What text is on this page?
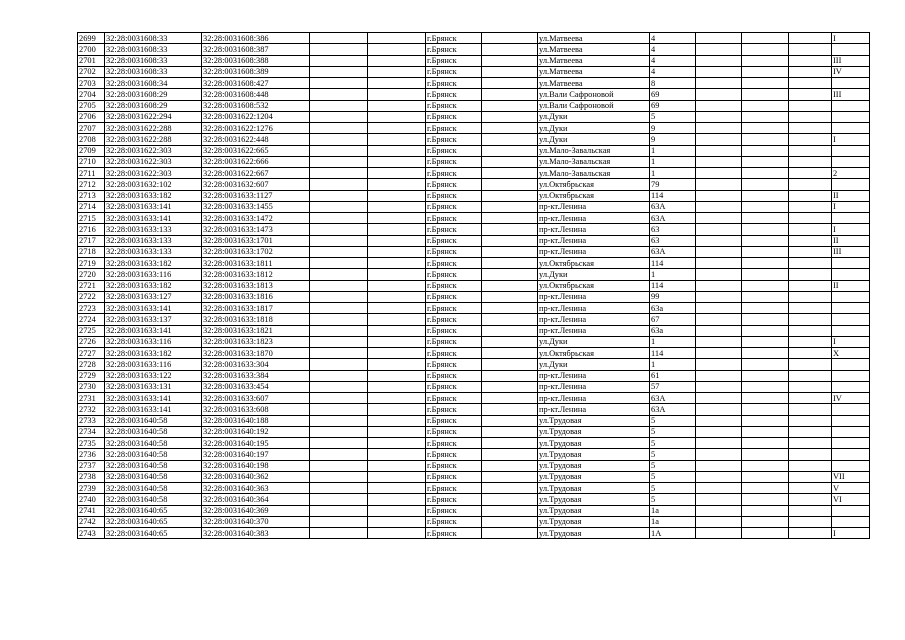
2699	32:28:0031608:33	32:28:0031608:386			г.Брянск		ул.Матвеева	4				I
2700	32:28:0031608:33	32:28:0031608:387			г.Брянск		ул.Матвеева	4				
2701	32:28:0031608:33	32:28:0031608:388			г.Брянск		ул.Матвеева	4				III
2702	32:28:0031608:33	32:28:0031608:389			г.Брянск		ул.Матвеева	4				IV
2703	32:28:0031608:34	32:28:0031608:427			г.Брянск		ул.Матвеева	8				
2704	32:28:0031608:29	32:28:0031608:448			г.Брянск		ул.Вали Сафроновой	69				III
2705	32:28:0031608:29	32:28:0031608:532			г.Брянск		ул.Вали Сафроновой	69				
2706	32:28:0031622:294	32:28:0031622:1204			г.Брянск		ул.Дуки	5				
2707	32:28:0031622:288	32:28:0031622:1276			г.Брянск		ул.Дуки	9				
2708	32:28:0031622:288	32:28:0031622:448			г.Брянск		ул.Дуки	9				I
2709	32:28:0031622:303	32:28:0031622:665			г.Брянск		ул.Мало-Завальская	1				
2710	32:28:0031622:303	32:28:0031622:666			г.Брянск		ул.Мало-Завальская	1				
2711	32:28:0031622:303	32:28:0031622:667			г.Брянск		ул.Мало-Завальская	1				2
2712	32:28:0031632:102	32:28:0031632:607			г.Брянск		ул.Октябрьская	79				
2713	32:28:0031633:182	32:28:0031633:1127			г.Брянск		ул.Октябрьская	114				II
2714	32:28:0031633:141	32:28:0031633:1455			г.Брянск		пр-кт.Ленина	63А				I
2715	32:28:0031633:141	32:28:0031633:1472			г.Брянск		пр-кт.Ленина	63А				
2716	32:28:0031633:133	32:28:0031633:1473			г.Брянск		пр-кт.Ленина	63				I
2717	32:28:0031633:133	32:28:0031633:1701			г.Брянск		пр-кт.Ленина	63				II
2718	32:28:0031633:133	32:28:0031633:1702			г.Брянск		пр-кт.Ленина	63А				III
2719	32:28:0031633:182	32:28:0031633:1811			г.Брянск		ул.Октябрьская	114				
2720	32:28:0031633:116	32:28:0031633:1812			г.Брянск		ул.Дуки	1				
2721	32:28:0031633:182	32:28:0031633:1813			г.Брянск		ул.Октябрьская	114				II
2722	32:28:0031633:127	32:28:0031633:1816			г.Брянск		пр-кт.Ленина	99				
2723	32:28:0031633:141	32:28:0031633:1817			г.Брянск		пр-кт.Ленина	63а				
2724	32:28:0031633:137	32:28:0031633:1818			г.Брянск		пр-кт.Ленина	67				
2725	32:28:0031633:141	32:28:0031633:1821			г.Брянск		пр-кт.Ленина	63а				
2726	32:28:0031633:116	32:28:0031633:1823			г.Брянск		ул.Дуки	1				I
2727	32:28:0031633:182	32:28:0031633:1870			г.Брянск		ул.Октябрьская	114				X
2728	32:28:0031633:116	32:28:0031633:304			г.Брянск		ул.Дуки	1				
2729	32:28:0031633:122	32:28:0031633:384			г.Брянск		пр-кт.Ленина	61				
2730	32:28:0031633:131	32:28:0031633:454			г.Брянск		пр-кт.Ленина	57				
2731	32:28:0031633:141	32:28:0031633:607			г.Брянск		пр-кт.Ленина	63А				IV
2732	32:28:0031633:141	32:28:0031633:608			г.Брянск		пр-кт.Ленина	63А				
2733	32:28:0031640:58	32:28:0031640:188			г.Брянск		ул.Трудовая	5				
2734	32:28:0031640:58	32:28:0031640:192			г.Брянск		ул.Трудовая	5				
2735	32:28:0031640:58	32:28:0031640:195			г.Брянск		ул.Трудовая	5				
2736	32:28:0031640:58	32:28:0031640:197			г.Брянск		ул.Трудовая	5				
2737	32:28:0031640:58	32:28:0031640:198			г.Брянск		ул.Трудовая	5				
2738	32:28:0031640:58	32:28:0031640:362			г.Брянск		ул.Трудовая	5				VII
2739	32:28:0031640:58	32:28:0031640:363			г.Брянск		ул.Трудовая	5				V
2740	32:28:0031640:58	32:28:0031640:364			г.Брянск		ул.Трудовая	5				VI
2741	32:28:0031640:65	32:28:0031640:369			г.Брянск		ул.Трудовая	1а				
2742	32:28:0031640:65	32:28:0031640:370			г.Брянск		ул.Трудовая	1а				
2743	32:28:0031640:65	32:28:0031640:383			г.Брянск		ул.Трудовая	1А				I
